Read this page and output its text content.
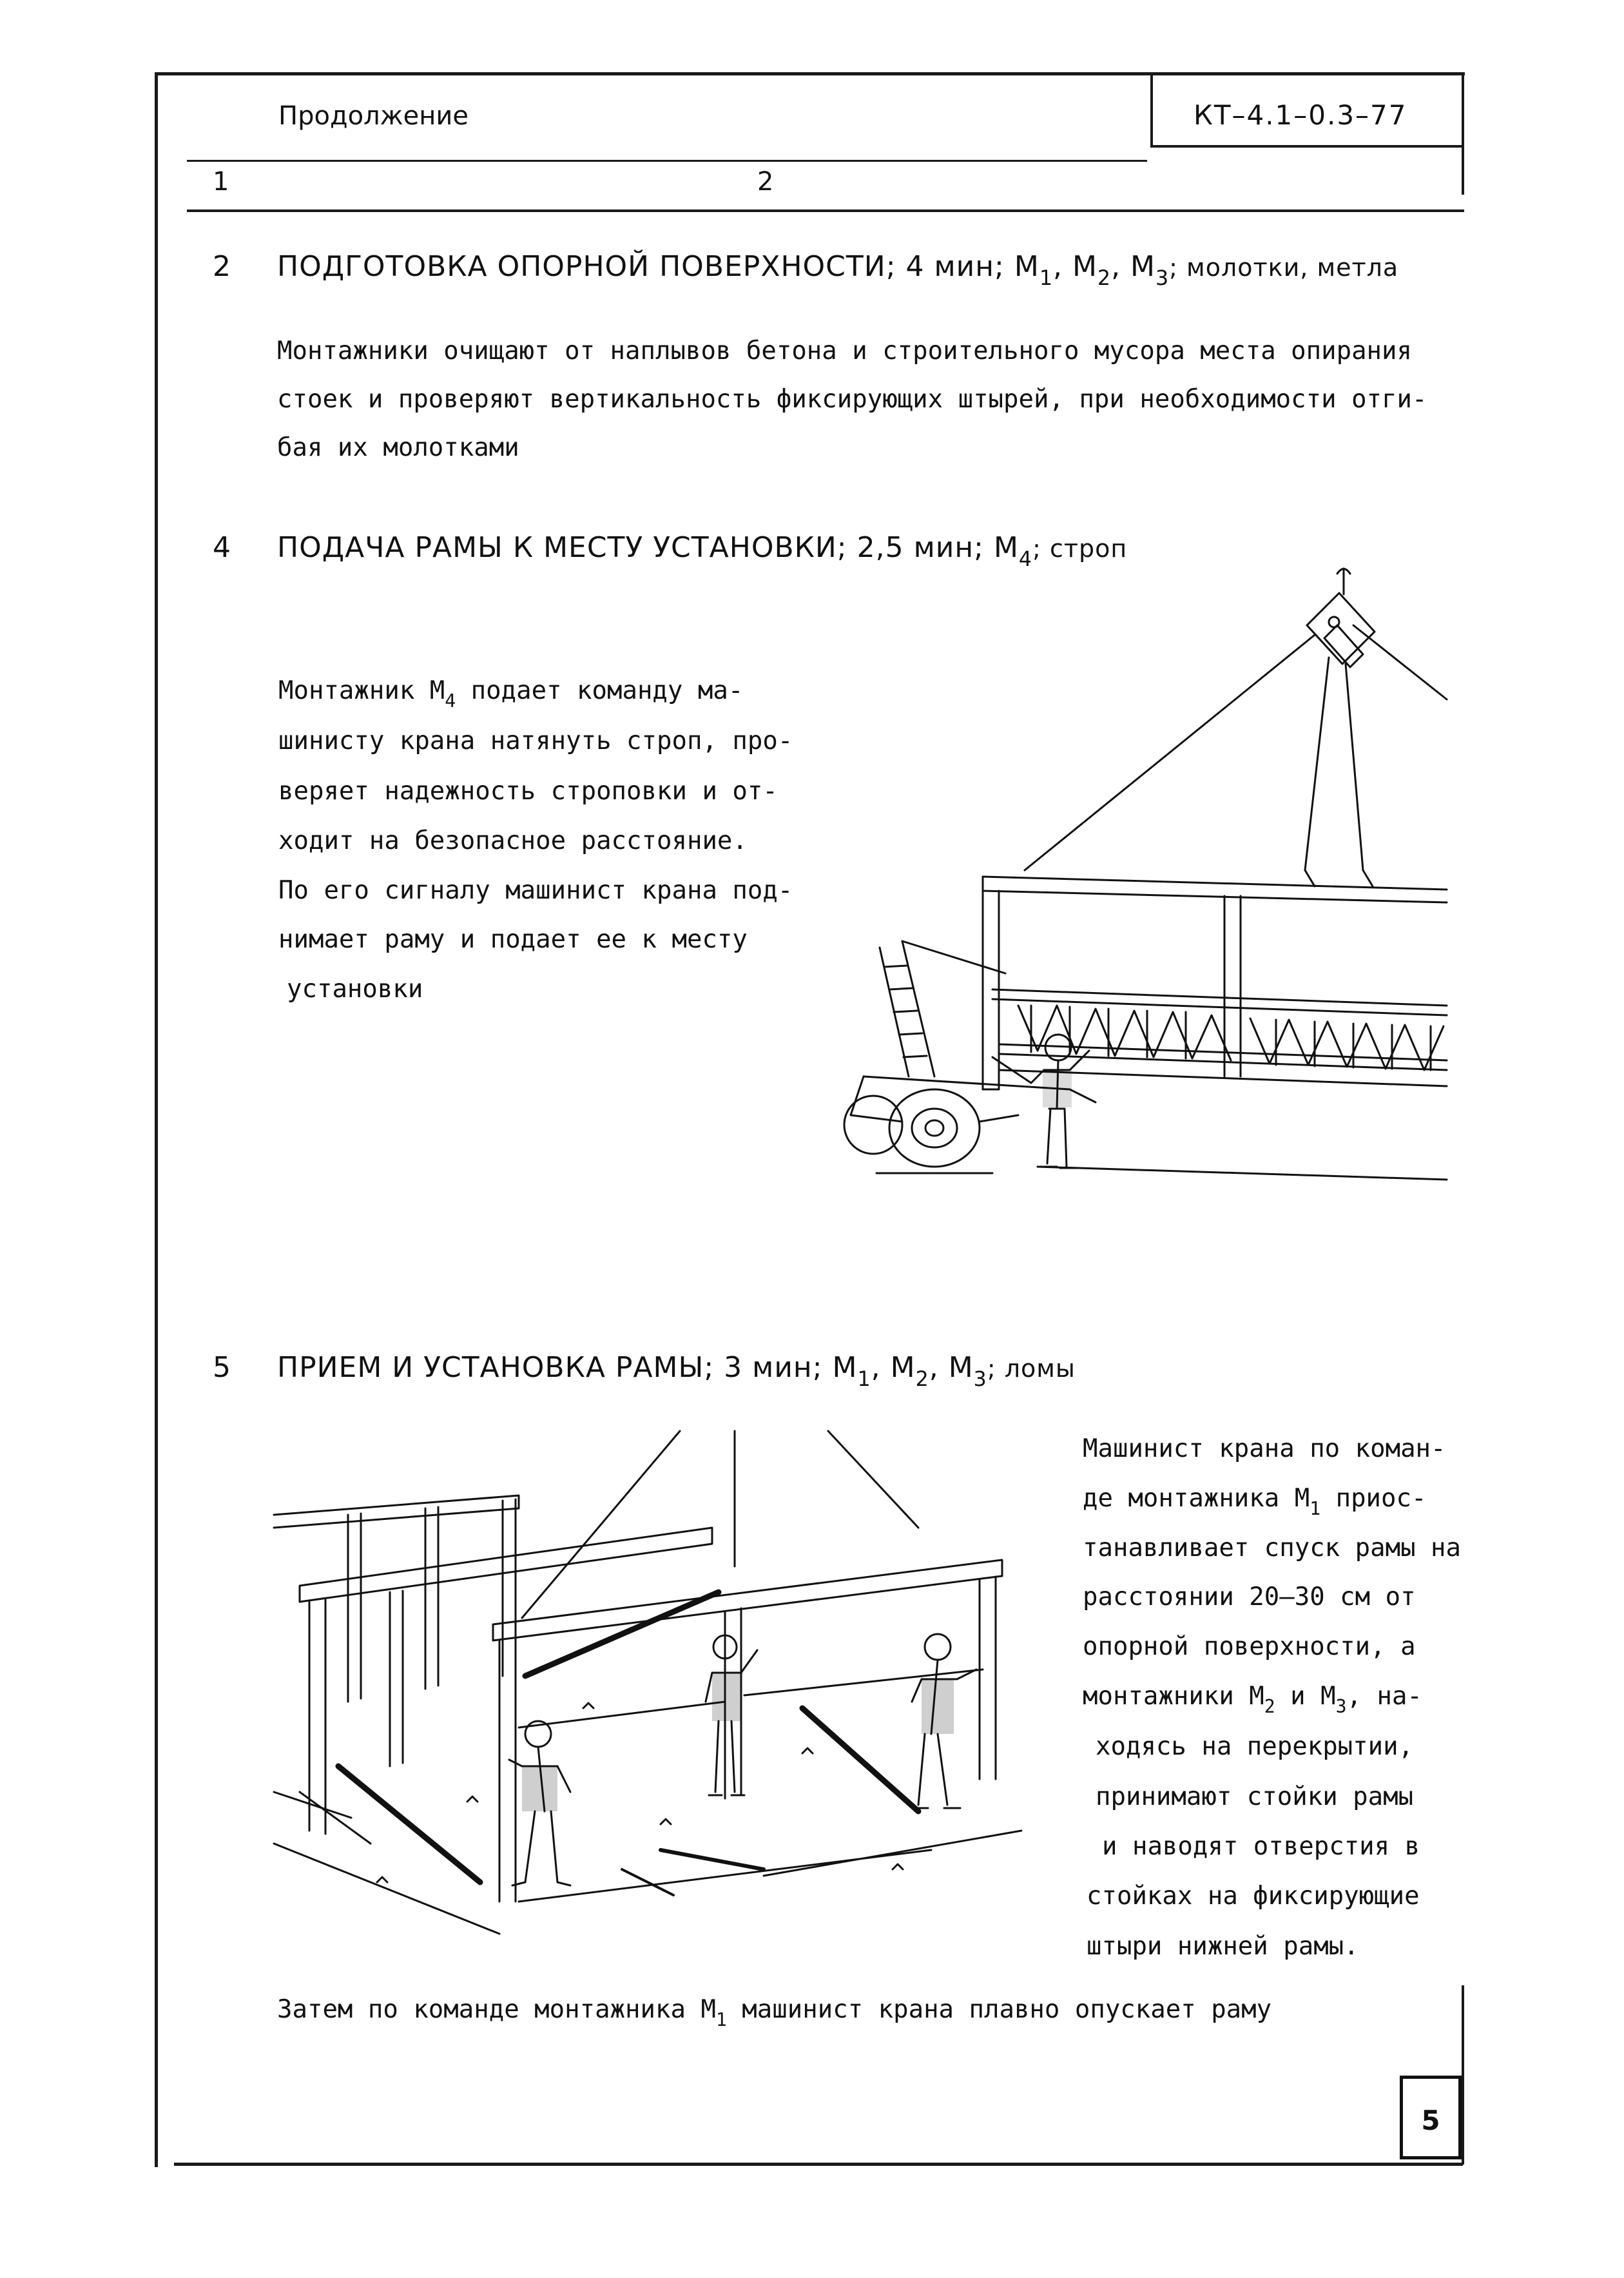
Продолжение	КТ–4.1–0.3–77
1	2
2 ПОДГОТОВКА ОПОРНОЙ ПОВЕРХНОСТИ; 4 мин; $М_1$, $М_2$, $М_3$; молотки, метла
Монтажники очищают от наплывов бетона и строительного мусора места опирания
стоек и проверяют вертикальность фиксирующих штырей, при необходимости отги-
бая их молотками
4 ПОДАЧА РАМЫ К МЕСТУ УСТАНОВКИ; 2,5 мин; $М_4$; строп
Монтажник $М_4$ подает команду ма-
шинисту крана натянуть строп, про-
веряет надежность строповки и от-
ходит на безопасное расстояние.
По его сигналу машинист крана под-
нимает раму и подает ее к месту
установки
5 ПРИЕМ И УСТАНОВКА РАМЫ; 3 мин; $М_1$, $М_2$, $М_3$; ломы
Машинист крана по коман-
де монтажника $М_1$ приос-
танавливает спуск рамы на
расстоянии 20–30 см от
опорной поверхности, а
монтажники $М_2$ и $М_3$, на-
ходясь на перекрытии,
принимают стойки рамы
и наводят отверстия в
стойках на фиксирующие
штыри нижней рамы.
Затем по команде монтажника $М_1$ машинист крана плавно опускает раму
5
